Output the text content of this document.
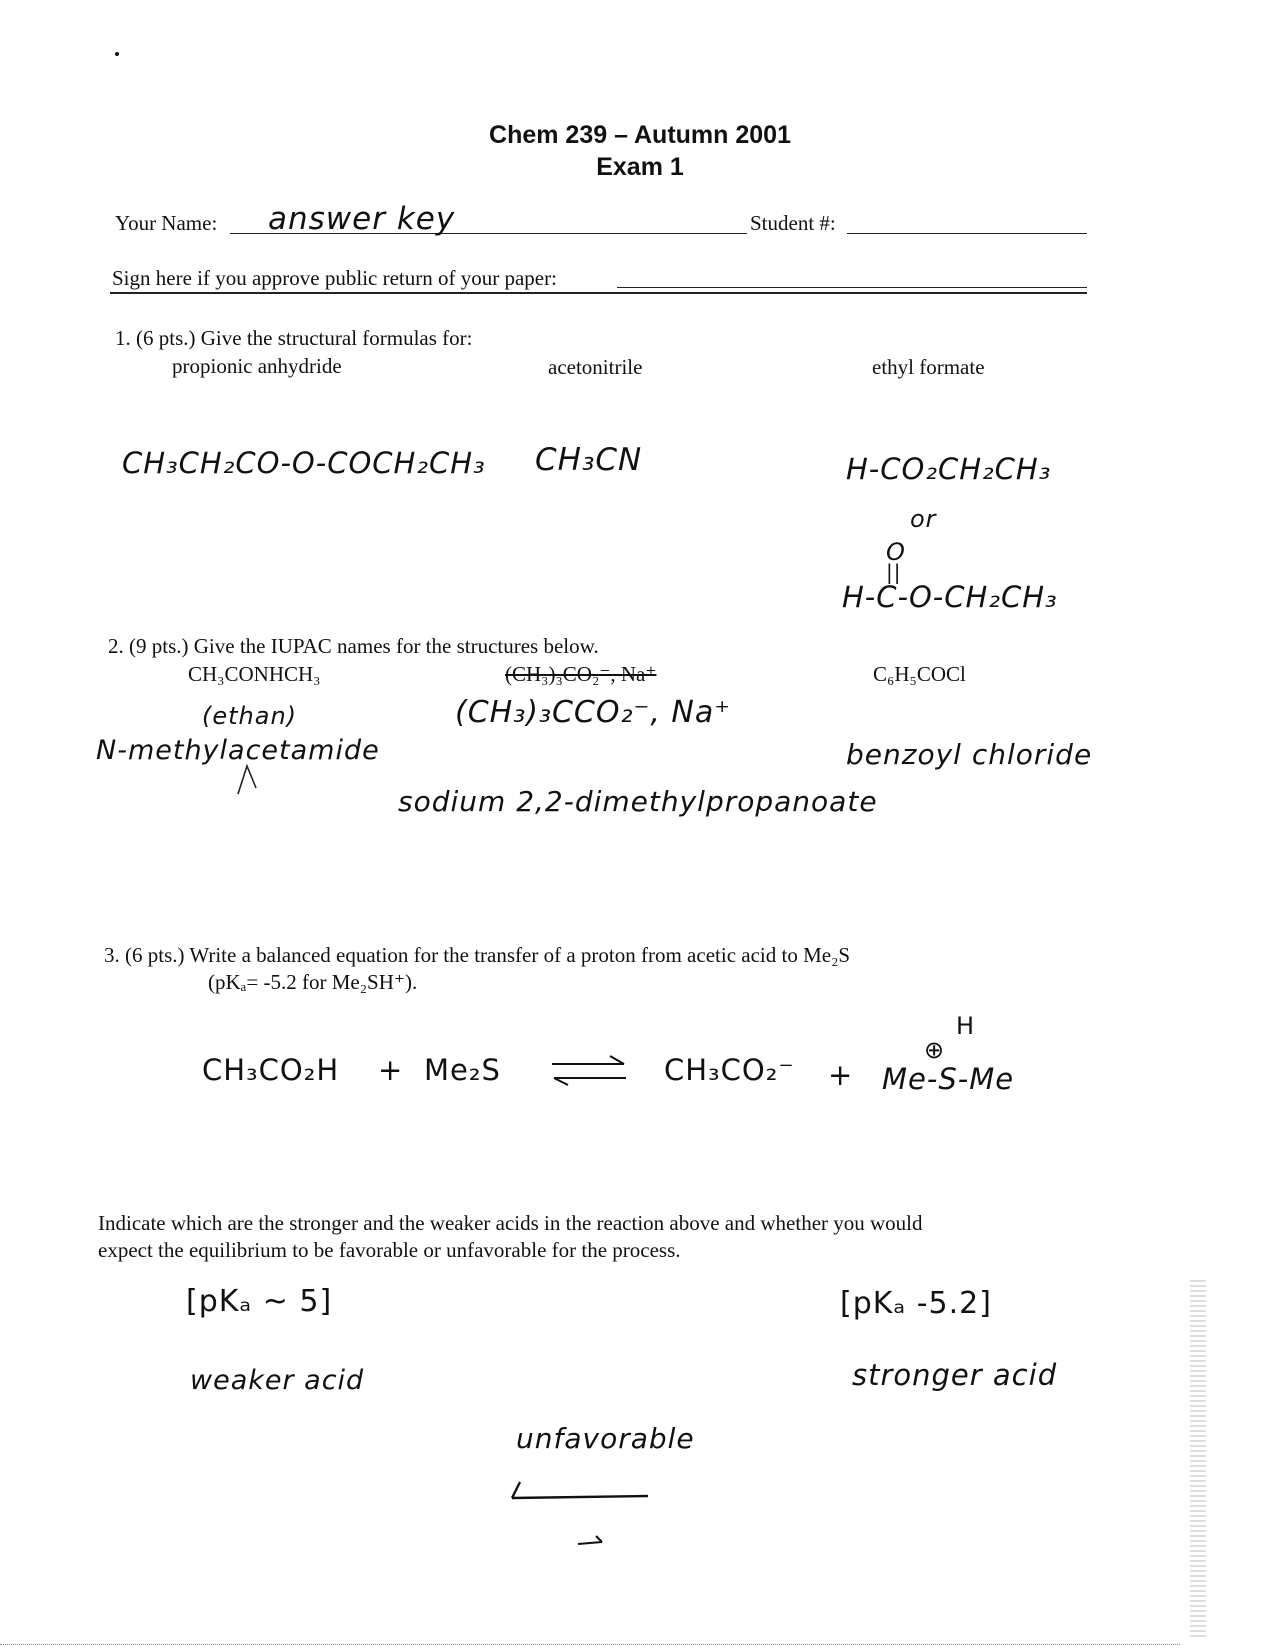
Chem 239 – Autumn 2001
Exam 1
Your Name: answer key	Student #:
Sign here if you approve public return of your paper:
1. (6 pts.) Give the structural formulas for:
propionic anhydride	acetonitrile	ethyl formate
CH₃CH₂CO-O-COCH₂CH₃ CH₃CN	H-CO₂CH₂CH₃
or
O
||
H-C-O-CH₂CH₃
2. (9 pts.) Give the IUPAC names for the structures below.
CH₃CONHCH₃	(CH₃)₃CO₂⁻, Na⁺	C₆H₅COCl
(ethan)
N-methylacetamide
(CH₃)₃CCO₂⁻, Na⁺
sodium 2,2-dimethylpropanoate
benzoyl chloride
3. (6 pts.) Write a balanced equation for the transfer of a proton from acetic acid to Me₂S
(pKₐ= -5.2 for Me₂SH⁺).
CH₃CO₂H + Me₂S	CH₃CO₂⁻ +
H
⊕
Me-S-Me
Indicate which are the stronger and the weaker acids in the reaction above and whether you would
expect the equilibrium to be favorable or unfavorable for the process.
[pKₐ ~ 5]
weaker acid
[pKₐ -5.2]
stronger acid
unfavorable
